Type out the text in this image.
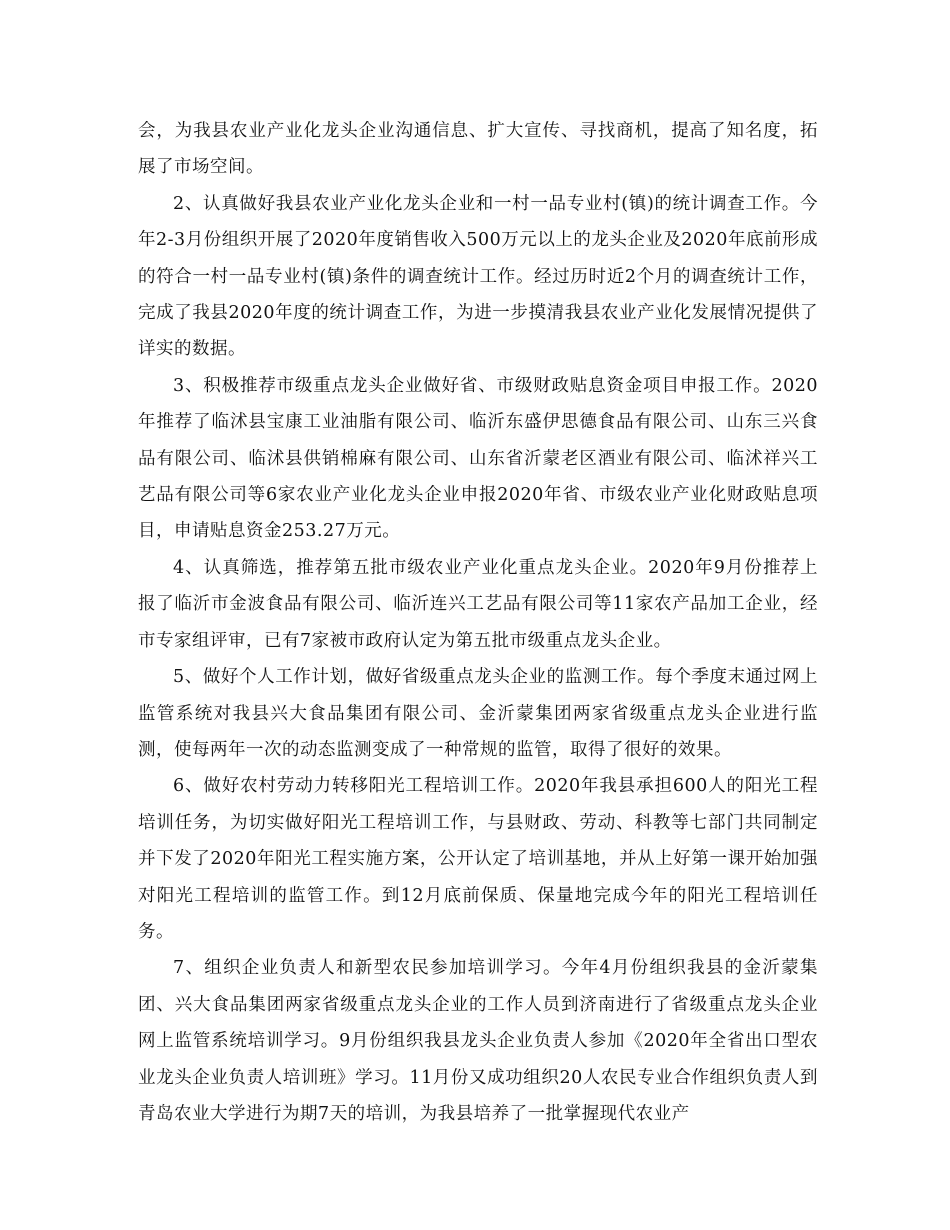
会，为我县农业产业化龙头企业沟通信息、扩大宣传、寻找商机，提高了知名度，拓展了市场空间。

2、认真做好我县农业产业化龙头企业和一村一品专业村(镇)的统计调查工作。今年2-3月份组织开展了2020年度销售收入500万元以上的龙头企业及2020年底前形成的符合一村一品专业村(镇)条件的调查统计工作。经过历时近2个月的调查统计工作，完成了我县2020年度的统计调查工作，为进一步摸清我县农业产业化发展情况提供了详实的数据。

3、积极推荐市级重点龙头企业做好省、市级财政贴息资金项目申报工作。2020年推荐了临沭县宝康工业油脂有限公司、临沂东盛伊思德食品有限公司、山东三兴食品有限公司、临沭县供销棉麻有限公司、山东省沂蒙老区酒业有限公司、临沭祥兴工艺品有限公司等6家农业产业化龙头企业申报2020年省、市级农业产业化财政贴息项目，申请贴息资金253.27万元。

4、认真筛选，推荐第五批市级农业产业化重点龙头企业。2020年9月份推荐上报了临沂市金波食品有限公司、临沂连兴工艺品有限公司等11家农产品加工企业，经市专家组评审，已有7家被市政府认定为第五批市级重点龙头企业。

5、做好个人工作计划，做好省级重点龙头企业的监测工作。每个季度末通过网上监管系统对我县兴大食品集团有限公司、金沂蒙集团两家省级重点龙头企业进行监测，使每两年一次的动态监测变成了一种常规的监管，取得了很好的效果。

6、做好农村劳动力转移阳光工程培训工作。2020年我县承担600人的阳光工程培训任务，为切实做好阳光工程培训工作，与县财政、劳动、科教等七部门共同制定并下发了2020年阳光工程实施方案，公开认定了培训基地，并从上好第一课开始加强对阳光工程培训的监管工作。到12月底前保质、保量地完成今年的阳光工程培训任务。

7、组织企业负责人和新型农民参加培训学习。今年4月份组织我县的金沂蒙集团、兴大食品集团两家省级重点龙头企业的工作人员到济南进行了省级重点龙头企业网上监管系统培训学习。9月份组织我县龙头企业负责人参加《2020年全省出口型农业龙头企业负责人培训班》学习。11月份又成功组织20人农民专业合作组织负责人到青岛农业大学进行为期7天的培训，为我县培养了一批掌握现代农业产
